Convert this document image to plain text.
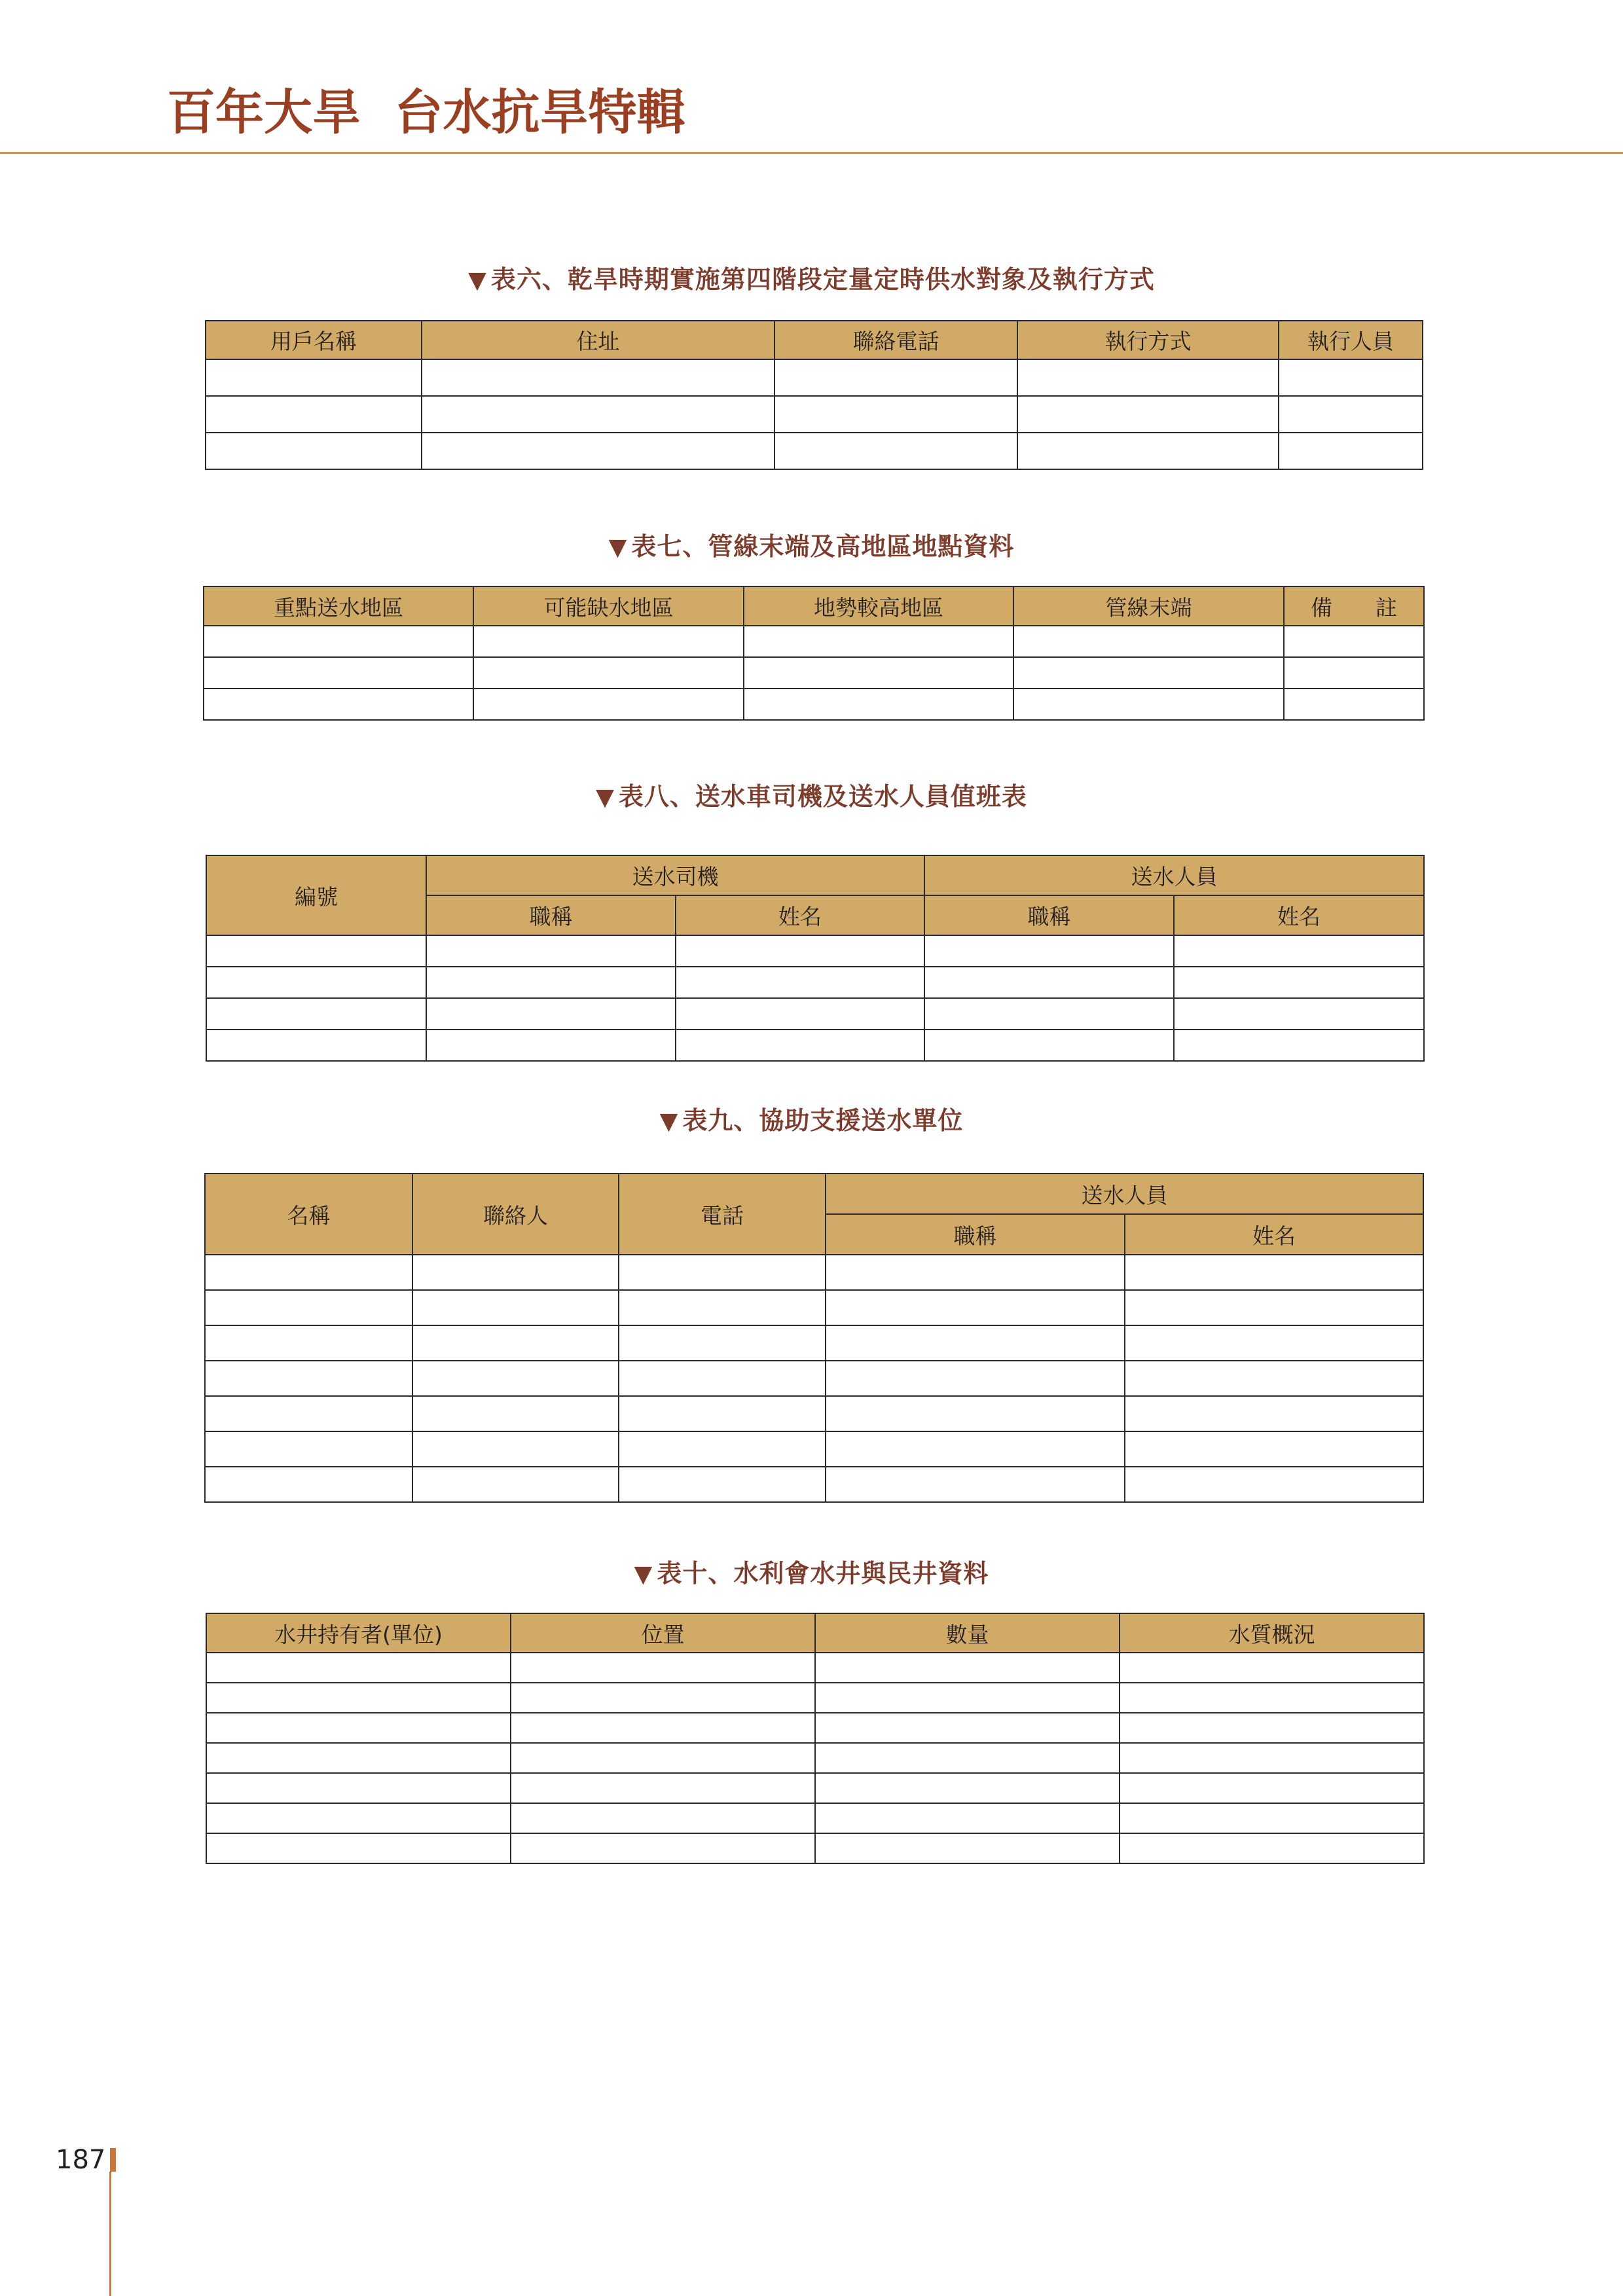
百年大旱  台水抗旱特輯
▼ 表六、乾旱時期實施第四階段定量定時供水對象及執行方式
用戶名稱	住址	聯絡電話	執行方式	執行人員

▼ 表七、管線末端及高地區地點資料
重點送水地區	可能缺水地區	地勢較高地區	管線末端	備　　註

▼ 表八、送水車司機及送水人員值班表
編號	送水司機		送水人員	
	職稱	姓名	職稱	姓名

▼ 表九、協助支援送水單位
名稱	聯絡人	電話	送水人員	
			職稱	姓名

▼ 表十、水利會水井與民井資料
水井持有者(單位)	位置	數量	水質概況

187
